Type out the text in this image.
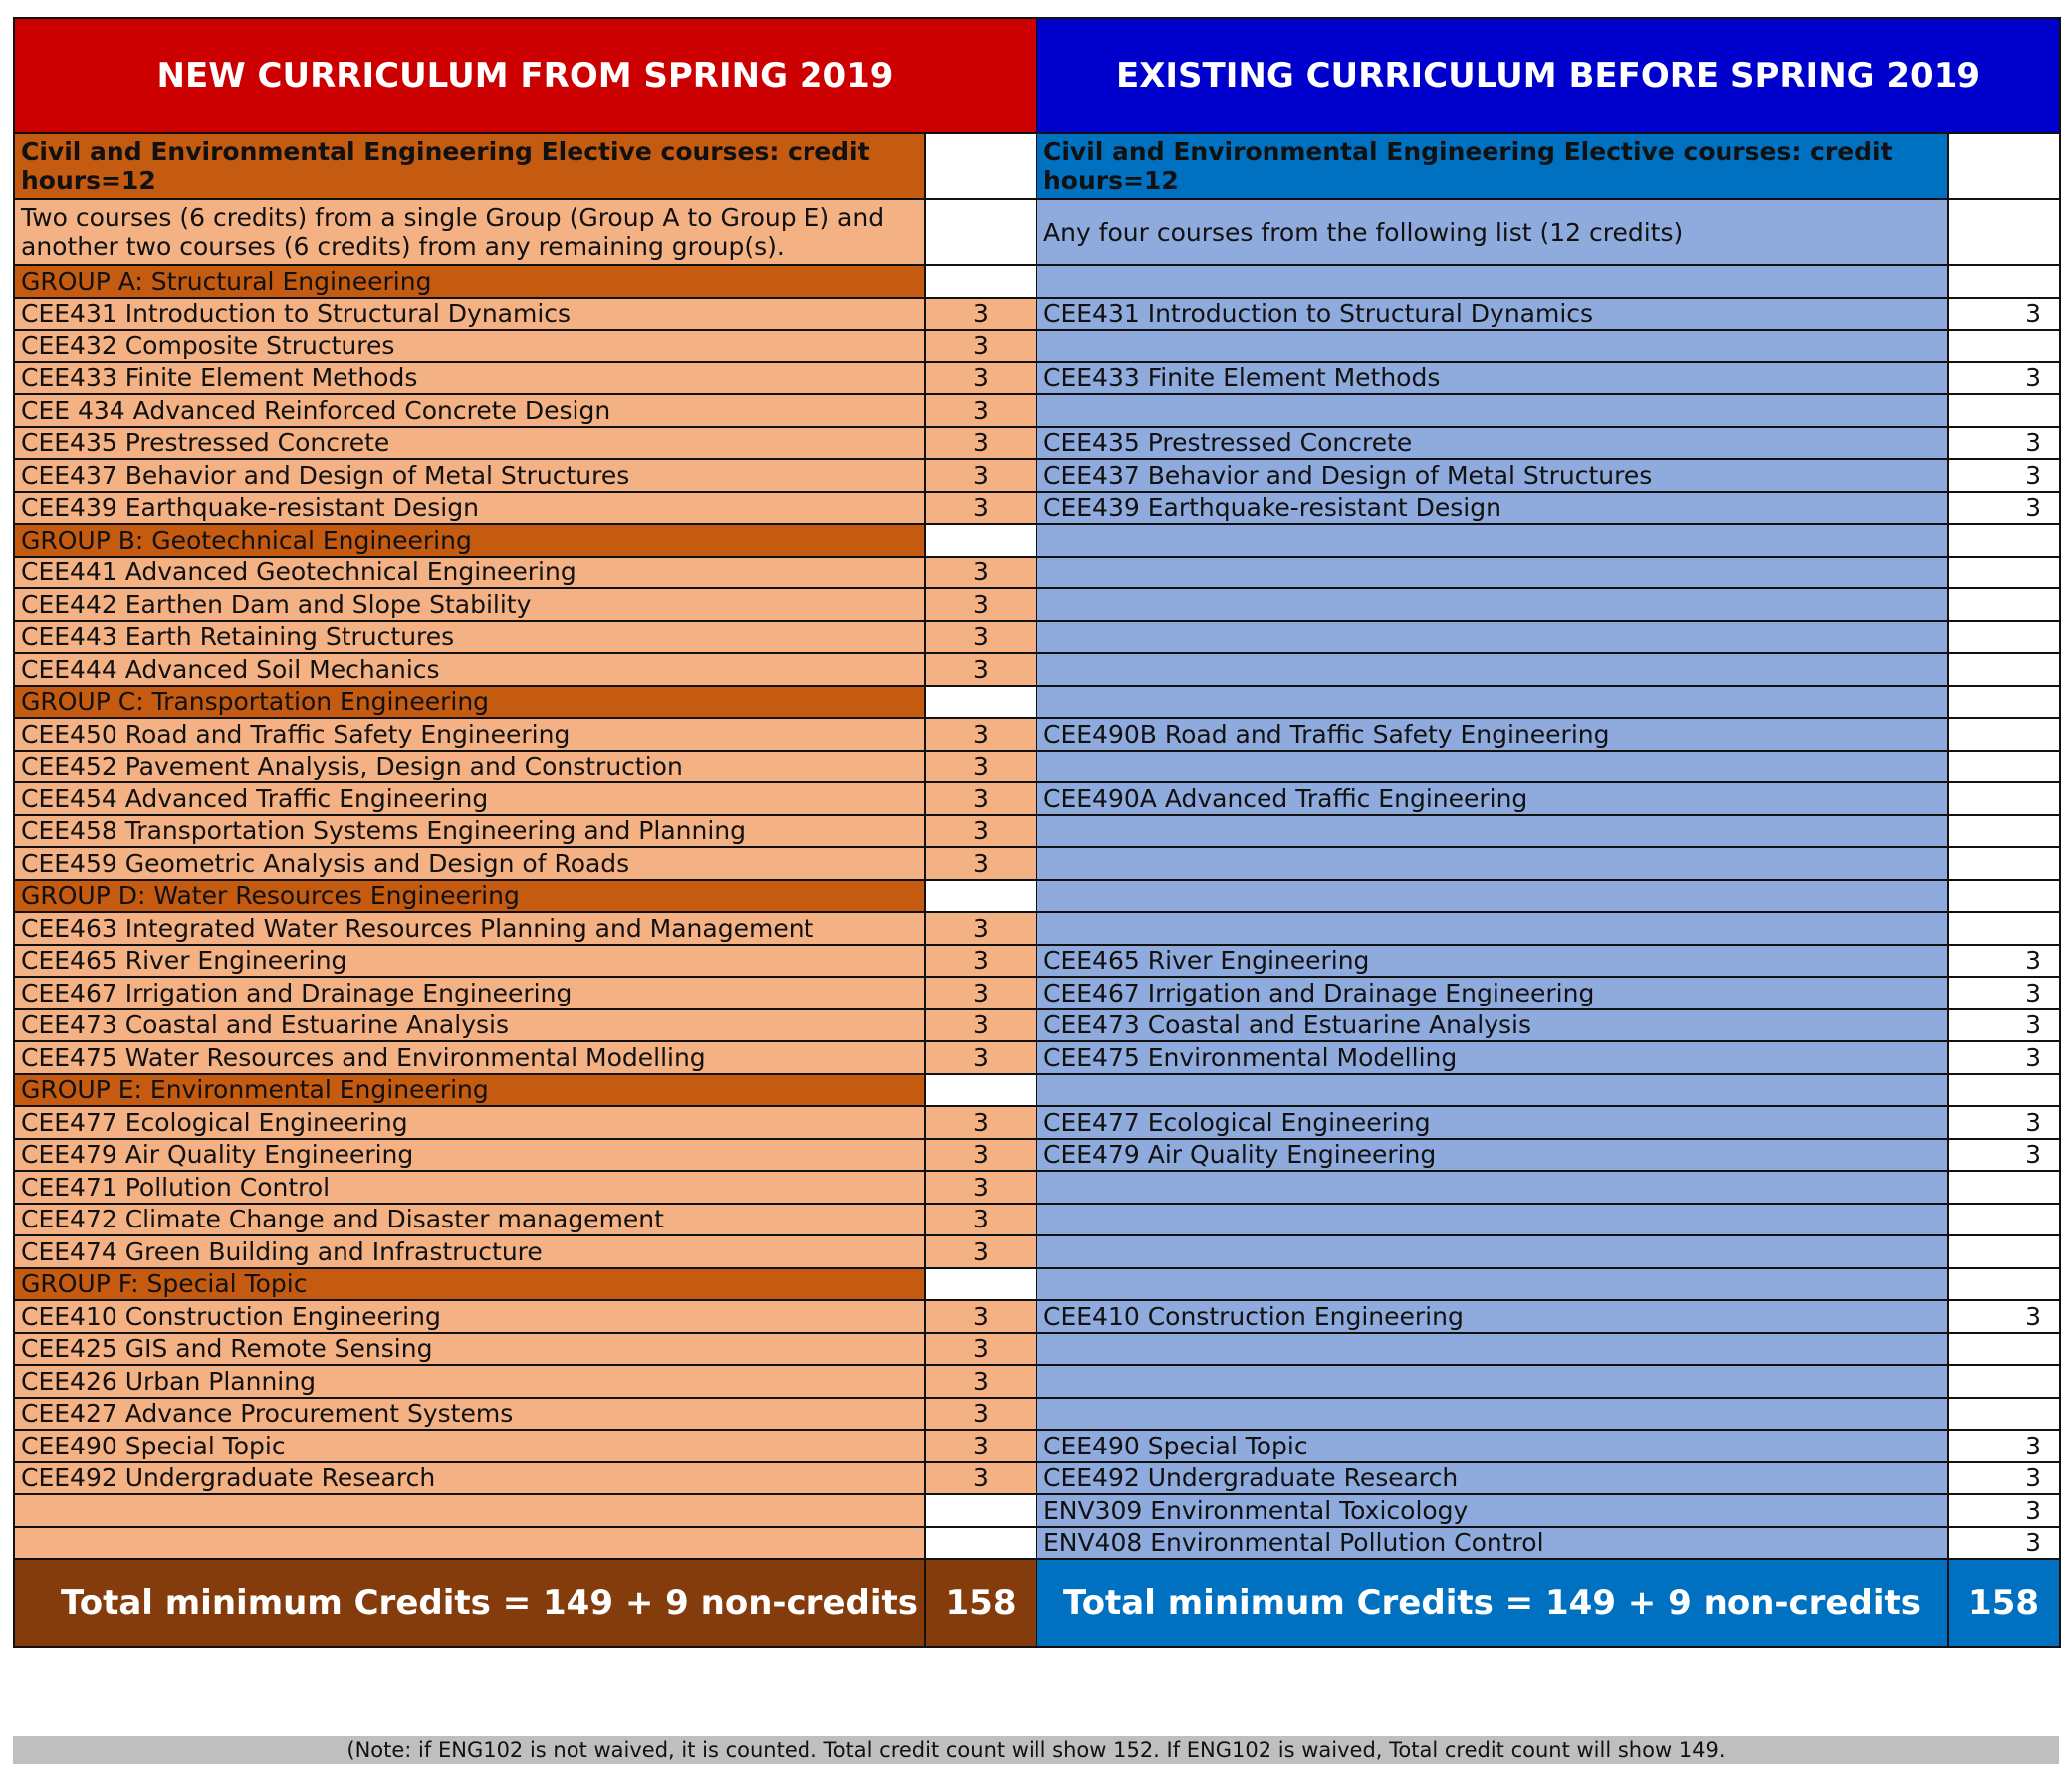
NEW CURRICULUM FROM SPRING 2019		EXISTING CURRICULUM BEFORE SPRING 2019	
Civil and Environmental Engineering Elective courses: credit hours=12		Civil and Environmental Engineering Elective courses: credit hours=12	
Two courses (6 credits) from a single Group (Group A to Group E) and another two courses (6 credits) from any remaining group(s).		Any four courses from the following list (12 credits)	
GROUP A: Structural Engineering			
CEE431 Introduction to Structural Dynamics	3	CEE431 Introduction to Structural Dynamics	3
CEE432 Composite Structures	3		
CEE433 Finite Element Methods	3	CEE433 Finite Element Methods	3
CEE 434 Advanced Reinforced Concrete Design	3		
CEE435 Prestressed Concrete	3	CEE435 Prestressed Concrete	3
CEE437 Behavior and Design of Metal Structures	3	CEE437 Behavior and Design of Metal Structures	3
CEE439 Earthquake-resistant Design	3	CEE439 Earthquake-resistant Design	3
GROUP B: Geotechnical Engineering			
CEE441 Advanced Geotechnical Engineering	3		
CEE442 Earthen Dam and Slope Stability	3		
CEE443 Earth Retaining Structures	3		
CEE444 Advanced Soil Mechanics	3		
GROUP C: Transportation Engineering			
CEE450 Road and Traffic Safety Engineering	3	CEE490B Road and Traffic Safety Engineering	
CEE452 Pavement Analysis, Design and Construction	3		
CEE454 Advanced Traffic Engineering	3	CEE490A Advanced Traffic Engineering	
CEE458 Transportation Systems Engineering and Planning	3		
CEE459 Geometric Analysis and Design of Roads	3		
GROUP D: Water Resources Engineering			
CEE463 Integrated Water Resources Planning and Management	3		
CEE465 River Engineering	3	CEE465 River Engineering	3
CEE467 Irrigation and Drainage Engineering	3	CEE467 Irrigation and Drainage Engineering	3
CEE473 Coastal and Estuarine Analysis	3	CEE473 Coastal and Estuarine Analysis	3
CEE475 Water Resources and Environmental Modelling	3	CEE475 Environmental Modelling	3
GROUP E: Environmental Engineering			
CEE477 Ecological Engineering	3	CEE477 Ecological Engineering	3
CEE479 Air Quality Engineering	3	CEE479 Air Quality Engineering	3
CEE471 Pollution Control	3		
CEE472 Climate Change and Disaster management	3		
CEE474 Green Building and Infrastructure	3		
GROUP F: Special Topic			
CEE410 Construction Engineering	3	CEE410 Construction Engineering	3
CEE425 GIS and Remote Sensing	3		
CEE426 Urban Planning	3		
CEE427 Advance Procurement Systems	3		
CEE490 Special Topic	3	CEE490 Special Topic	3
CEE492 Undergraduate Research	3	CEE492 Undergraduate Research	3
		ENV309 Environmental Toxicology	3
		ENV408 Environmental Pollution Control	3
Total minimum Credits = 149 + 9 non-credits	158	Total minimum Credits = 149 + 9 non-credits	158
(Note: if ENG102 is not waived, it is counted. Total credit count will show 152. If ENG102 is waived, Total credit count will show 149.
